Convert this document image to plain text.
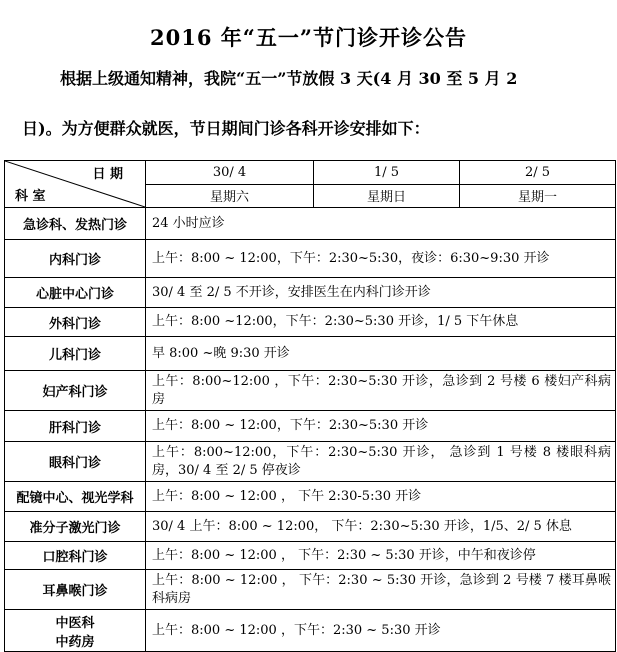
2016 年“五一”节门诊开诊公告
根据上级通知精神，我院“五一”节放假 3 天(4 月 30 至 5 月 2
日)。为方便群众就医，节日期间门诊各科开诊安排如下：
日 期
科 室	30/ 4	1/ 5	2/ 5
	星期六	星期日	星期一
急诊科、发热门诊	24 小时应诊		
内科门诊	上午：8:00 ~ 12:00，下午：2:30~5:30，夜诊：6:30~9:30 开诊		
心脏中心门诊	30/ 4 至 2/ 5 不开诊，安排医生在内科门诊开诊		
外科门诊	上午：8:00 ~12:00，下午：2:30~5:30 开诊，1/ 5 下午休息		
儿科门诊	早 8:00 ~晚 9:30 开诊		
妇产科门诊	上午：8:00~12:00 ，下午：2:30~5:30 开诊，急诊到 2 号楼 6 楼妇产科病房		
肝科门诊	上午：8:00 ~ 12:00，下午：2:30~5:30 开诊		
眼科门诊	上午：8:00~12:00，下午：2:30~5:30 开诊， 急诊到 1 号楼 8 楼眼科病房，30/ 4 至 2/ 5 停夜诊		
配镜中心、视光学科	上午：8:00 ~ 12:00 ， 下午 2:30-5:30 开诊		
准分子激光门诊	30/ 4 上午：8:00 ~ 12:00， 下午：2:30~5:30 开诊，1/5、2/ 5 休息		
口腔科门诊	上午：8:00 ~ 12:00 ， 下午：2:30 ~ 5:30 开诊，中午和夜诊停		
耳鼻喉门诊	上午：8:00 ~ 12:00 ， 下午：2:30 ~ 5:30 开诊，急诊到 2 号楼 7 楼耳鼻喉科病房		

中医科
中药房	上午：8:00 ~ 12:00 ，下午：2:30 ~ 5:30 开诊		
